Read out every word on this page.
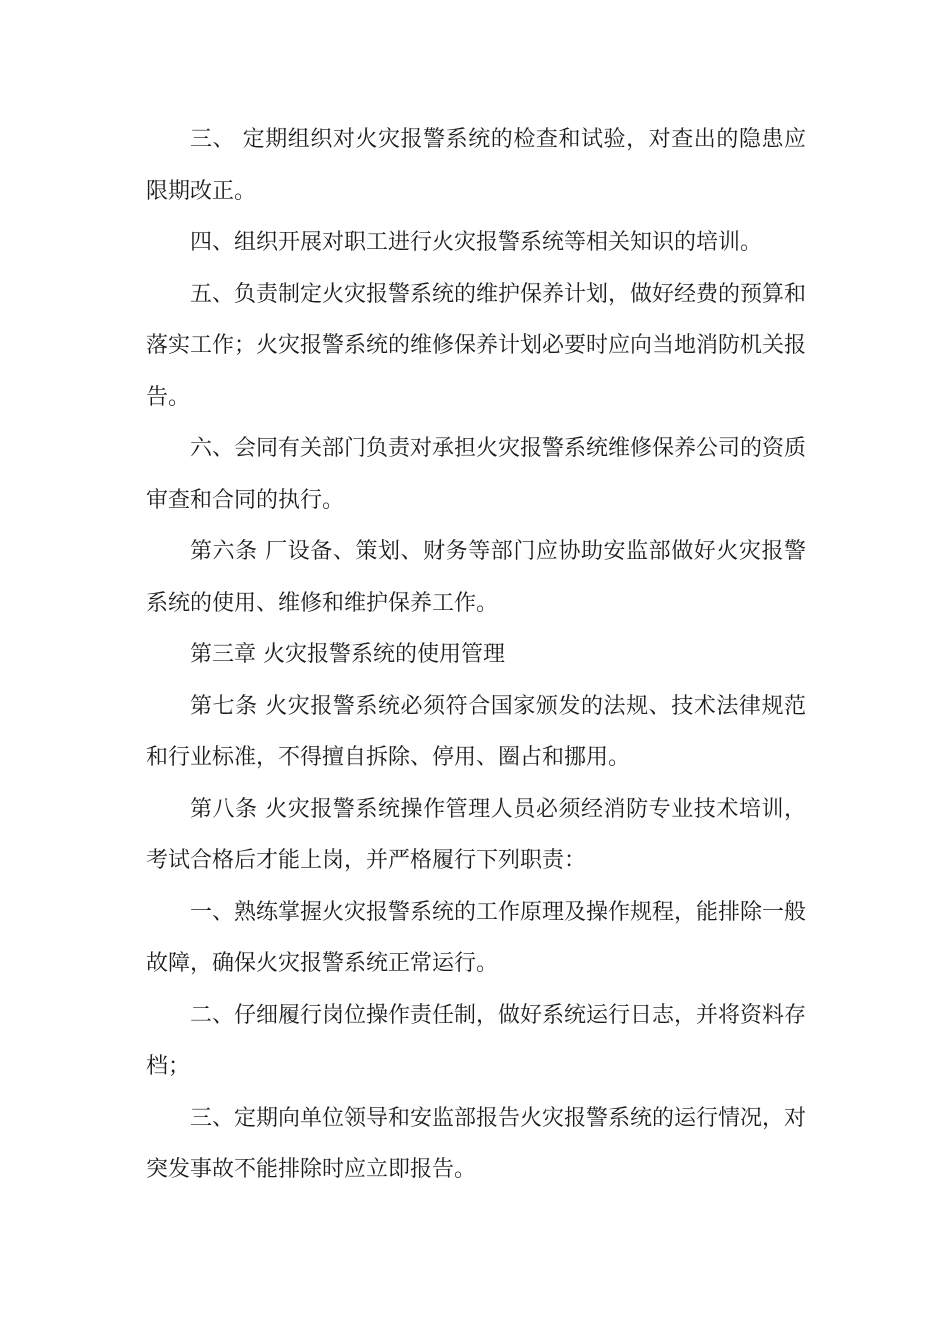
三、 定期组织对火灾报警系统的检查和试验，对查出的隐患应限期改正。

四、组织开展对职工进行火灾报警系统等相关知识的培训。

五、负责制定火灾报警系统的维护保养计划，做好经费的预算和落实工作；火灾报警系统的维修保养计划必要时应向当地消防机关报告。

六、会同有关部门负责对承担火灾报警系统维修保养公司的资质审查和合同的执行。

第六条 厂设备、策划、财务等部门应协助安监部做好火灾报警系统的使用、维修和维护保养工作。

第三章 火灾报警系统的使用管理

第七条 火灾报警系统必须符合国家颁发的法规、技术法律规范和行业标准，不得擅自拆除、停用、圈占和挪用。

第八条 火灾报警系统操作管理人员必须经消防专业技术培训，考试合格后才能上岗，并严格履行下列职责：

一、熟练掌握火灾报警系统的工作原理及操作规程，能排除一般故障，确保火灾报警系统正常运行。

二、仔细履行岗位操作责任制，做好系统运行日志，并将资料存档；

三、定期向单位领导和安监部报告火灾报警系统的运行情况，对突发事故不能排除时应立即报告。
